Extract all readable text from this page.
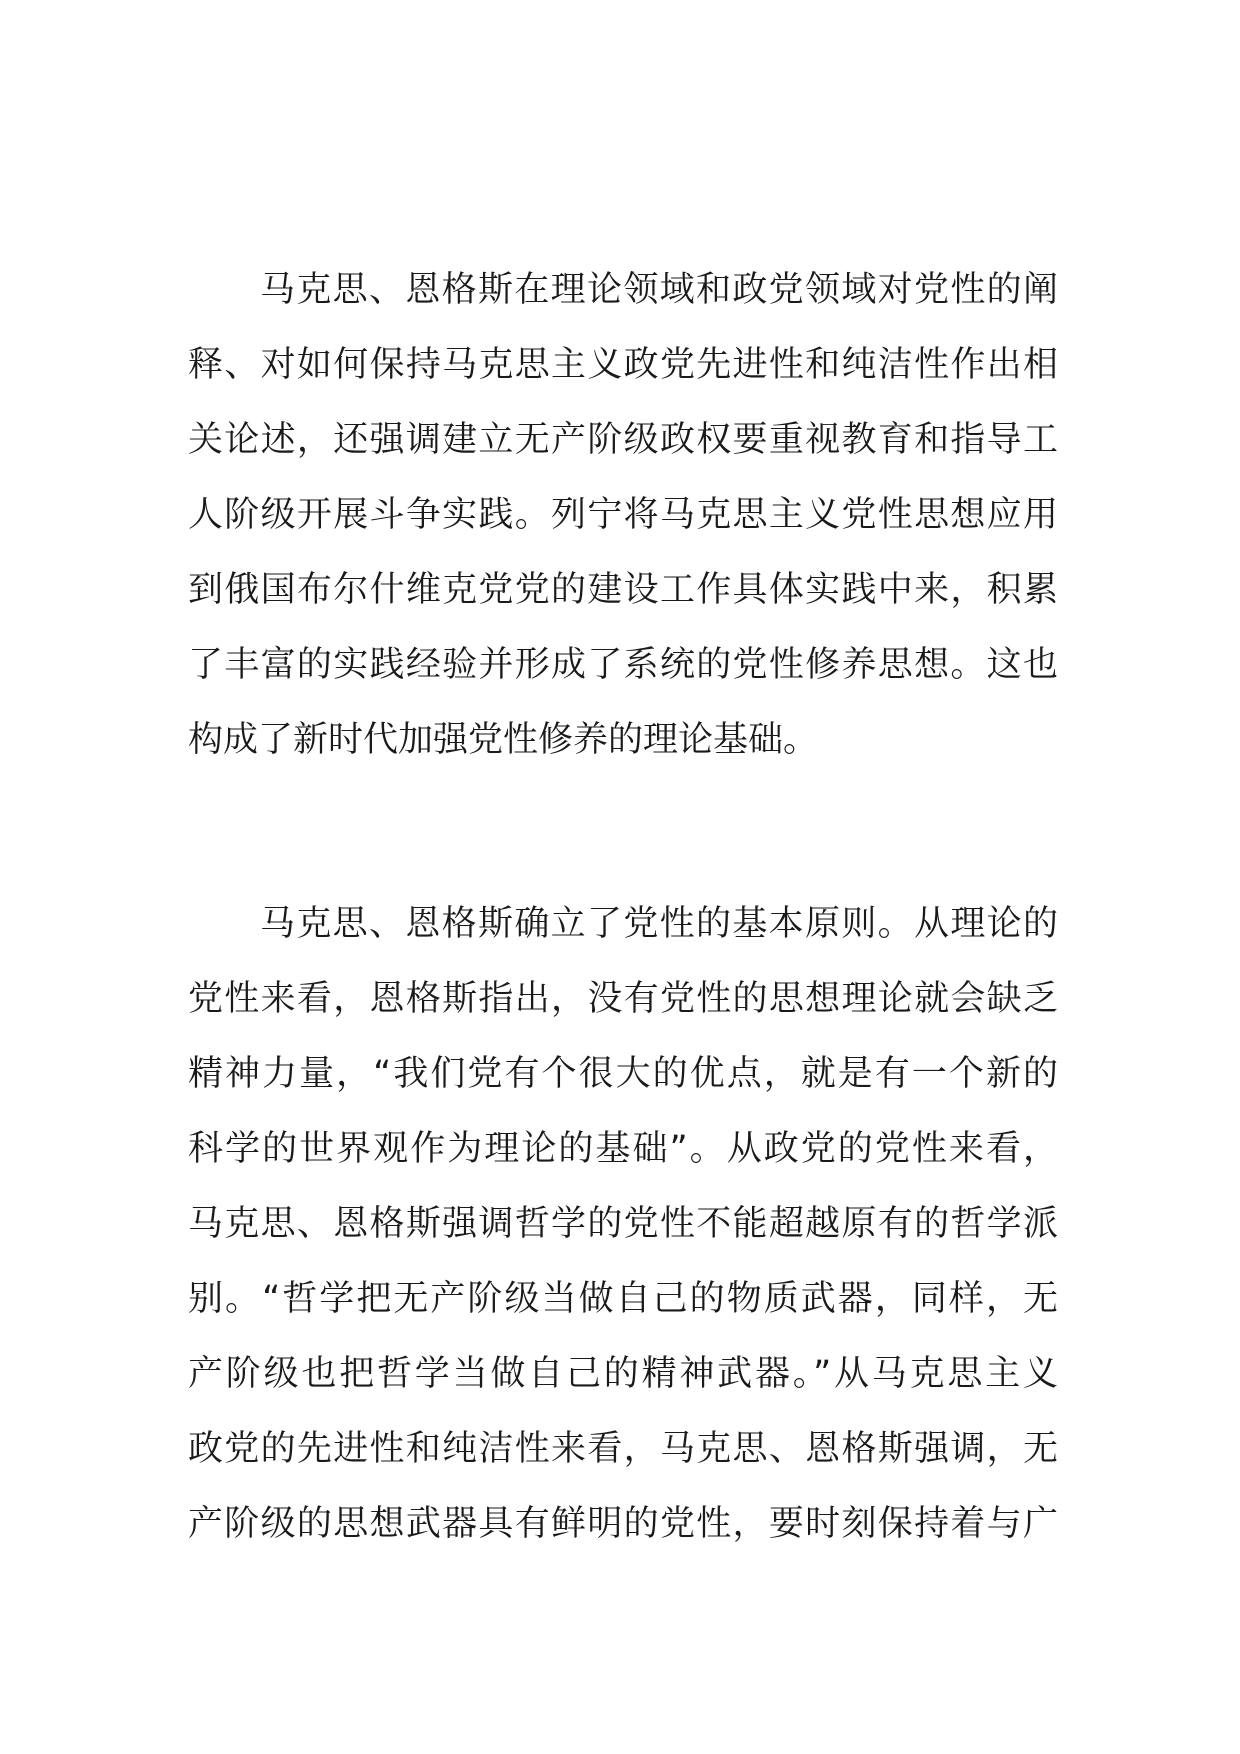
马克思、恩格斯在理论领域和政党领域对党性的阐
释、对如何保持马克思主义政党先进性和纯洁性作出相
关论述，还强调建立无产阶级政权要重视教育和指导工
人阶级开展斗争实践。列宁将马克思主义党性思想应用
到俄国布尔什维克党党的建设工作具体实践中来，积累
了丰富的实践经验并形成了系统的党性修养思想。这也
构成了新时代加强党性修养的理论基础。
马克思、恩格斯确立了党性的基本原则。从理论的
党性来看，恩格斯指出，没有党性的思想理论就会缺乏
精神力量，“我们党有个很大的优点，就是有一个新的
科学的世界观作为理论的基础”。从政党的党性来看，
马克思、恩格斯强调哲学的党性不能超越原有的哲学派
别。“哲学把无产阶级当做自己的物质武器，同样，无
产阶级也把哲学当做自己的精神武器。”从马克思主义
政党的先进性和纯洁性来看，马克思、恩格斯强调，无
产阶级的思想武器具有鲜明的党性，要时刻保持着与广
